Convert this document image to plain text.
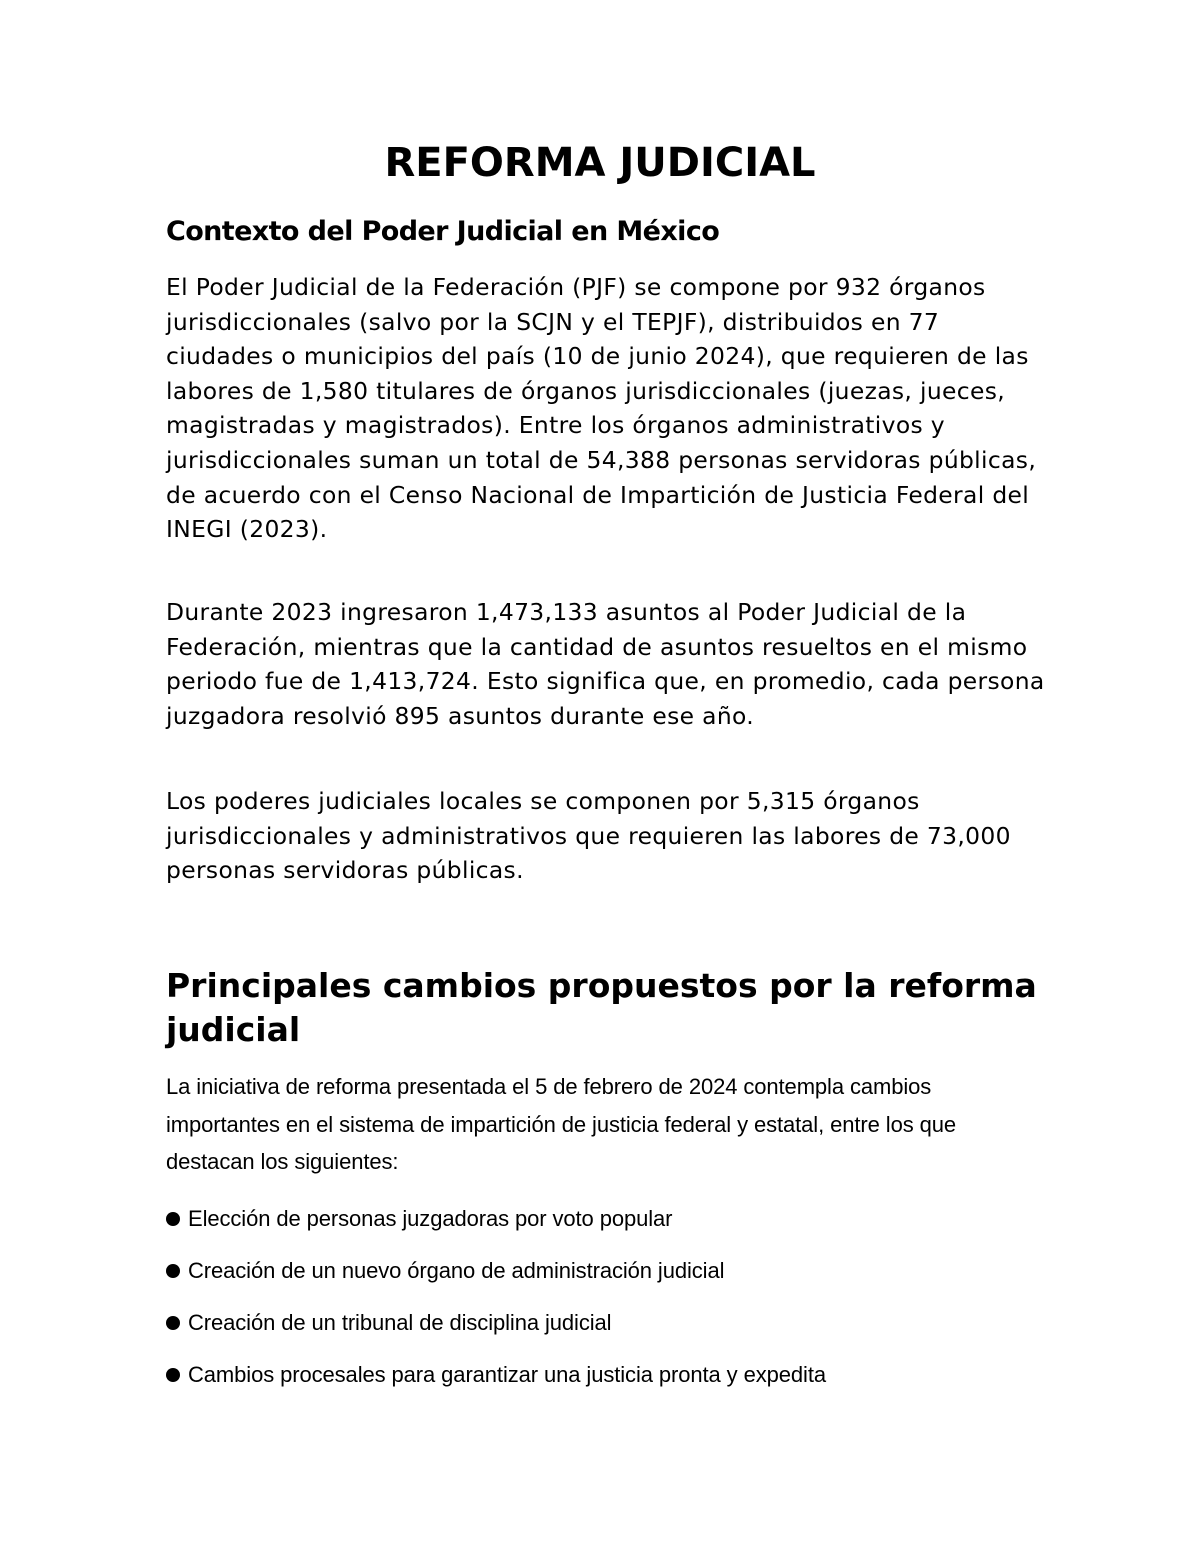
REFORMA JUDICIAL
Contexto del Poder Judicial en México

El Poder Judicial de la Federación (PJF) se compone por 932 órganos jurisdiccionales (salvo por la SCJN y el TEPJF), distribuidos en 77 ciudades o municipios del país (10 de junio 2024), que requieren de las labores de 1,580 titulares de órganos jurisdiccionales (juezas, jueces, magistradas y magistrados). Entre los órganos administrativos y jurisdiccionales suman un total de 54,388 personas servidoras públicas, de acuerdo con el Censo Nacional de Impartición de Justicia Federal del INEGI (2023).

Durante 2023 ingresaron 1,473,133 asuntos al Poder Judicial de la Federación, mientras que la cantidad de asuntos resueltos en el mismo periodo fue de 1,413,724. Esto significa que, en promedio, cada persona juzgadora resolvió 895 asuntos durante ese año.

Los poderes judiciales locales se componen por 5,315 órganos jurisdiccionales y administrativos que requieren las labores de 73,000 personas servidoras públicas.

Principales cambios propuestos por la reforma judicial

La iniciativa de reforma presentada el 5 de febrero de 2024 contempla cambios importantes en el sistema de impartición de justicia federal y estatal, entre los que destacan los siguientes:

Elección de personas juzgadoras por voto popular
Creación de un nuevo órgano de administración judicial
Creación de un tribunal de disciplina judicial
Cambios procesales para garantizar una justicia pronta y expedita
